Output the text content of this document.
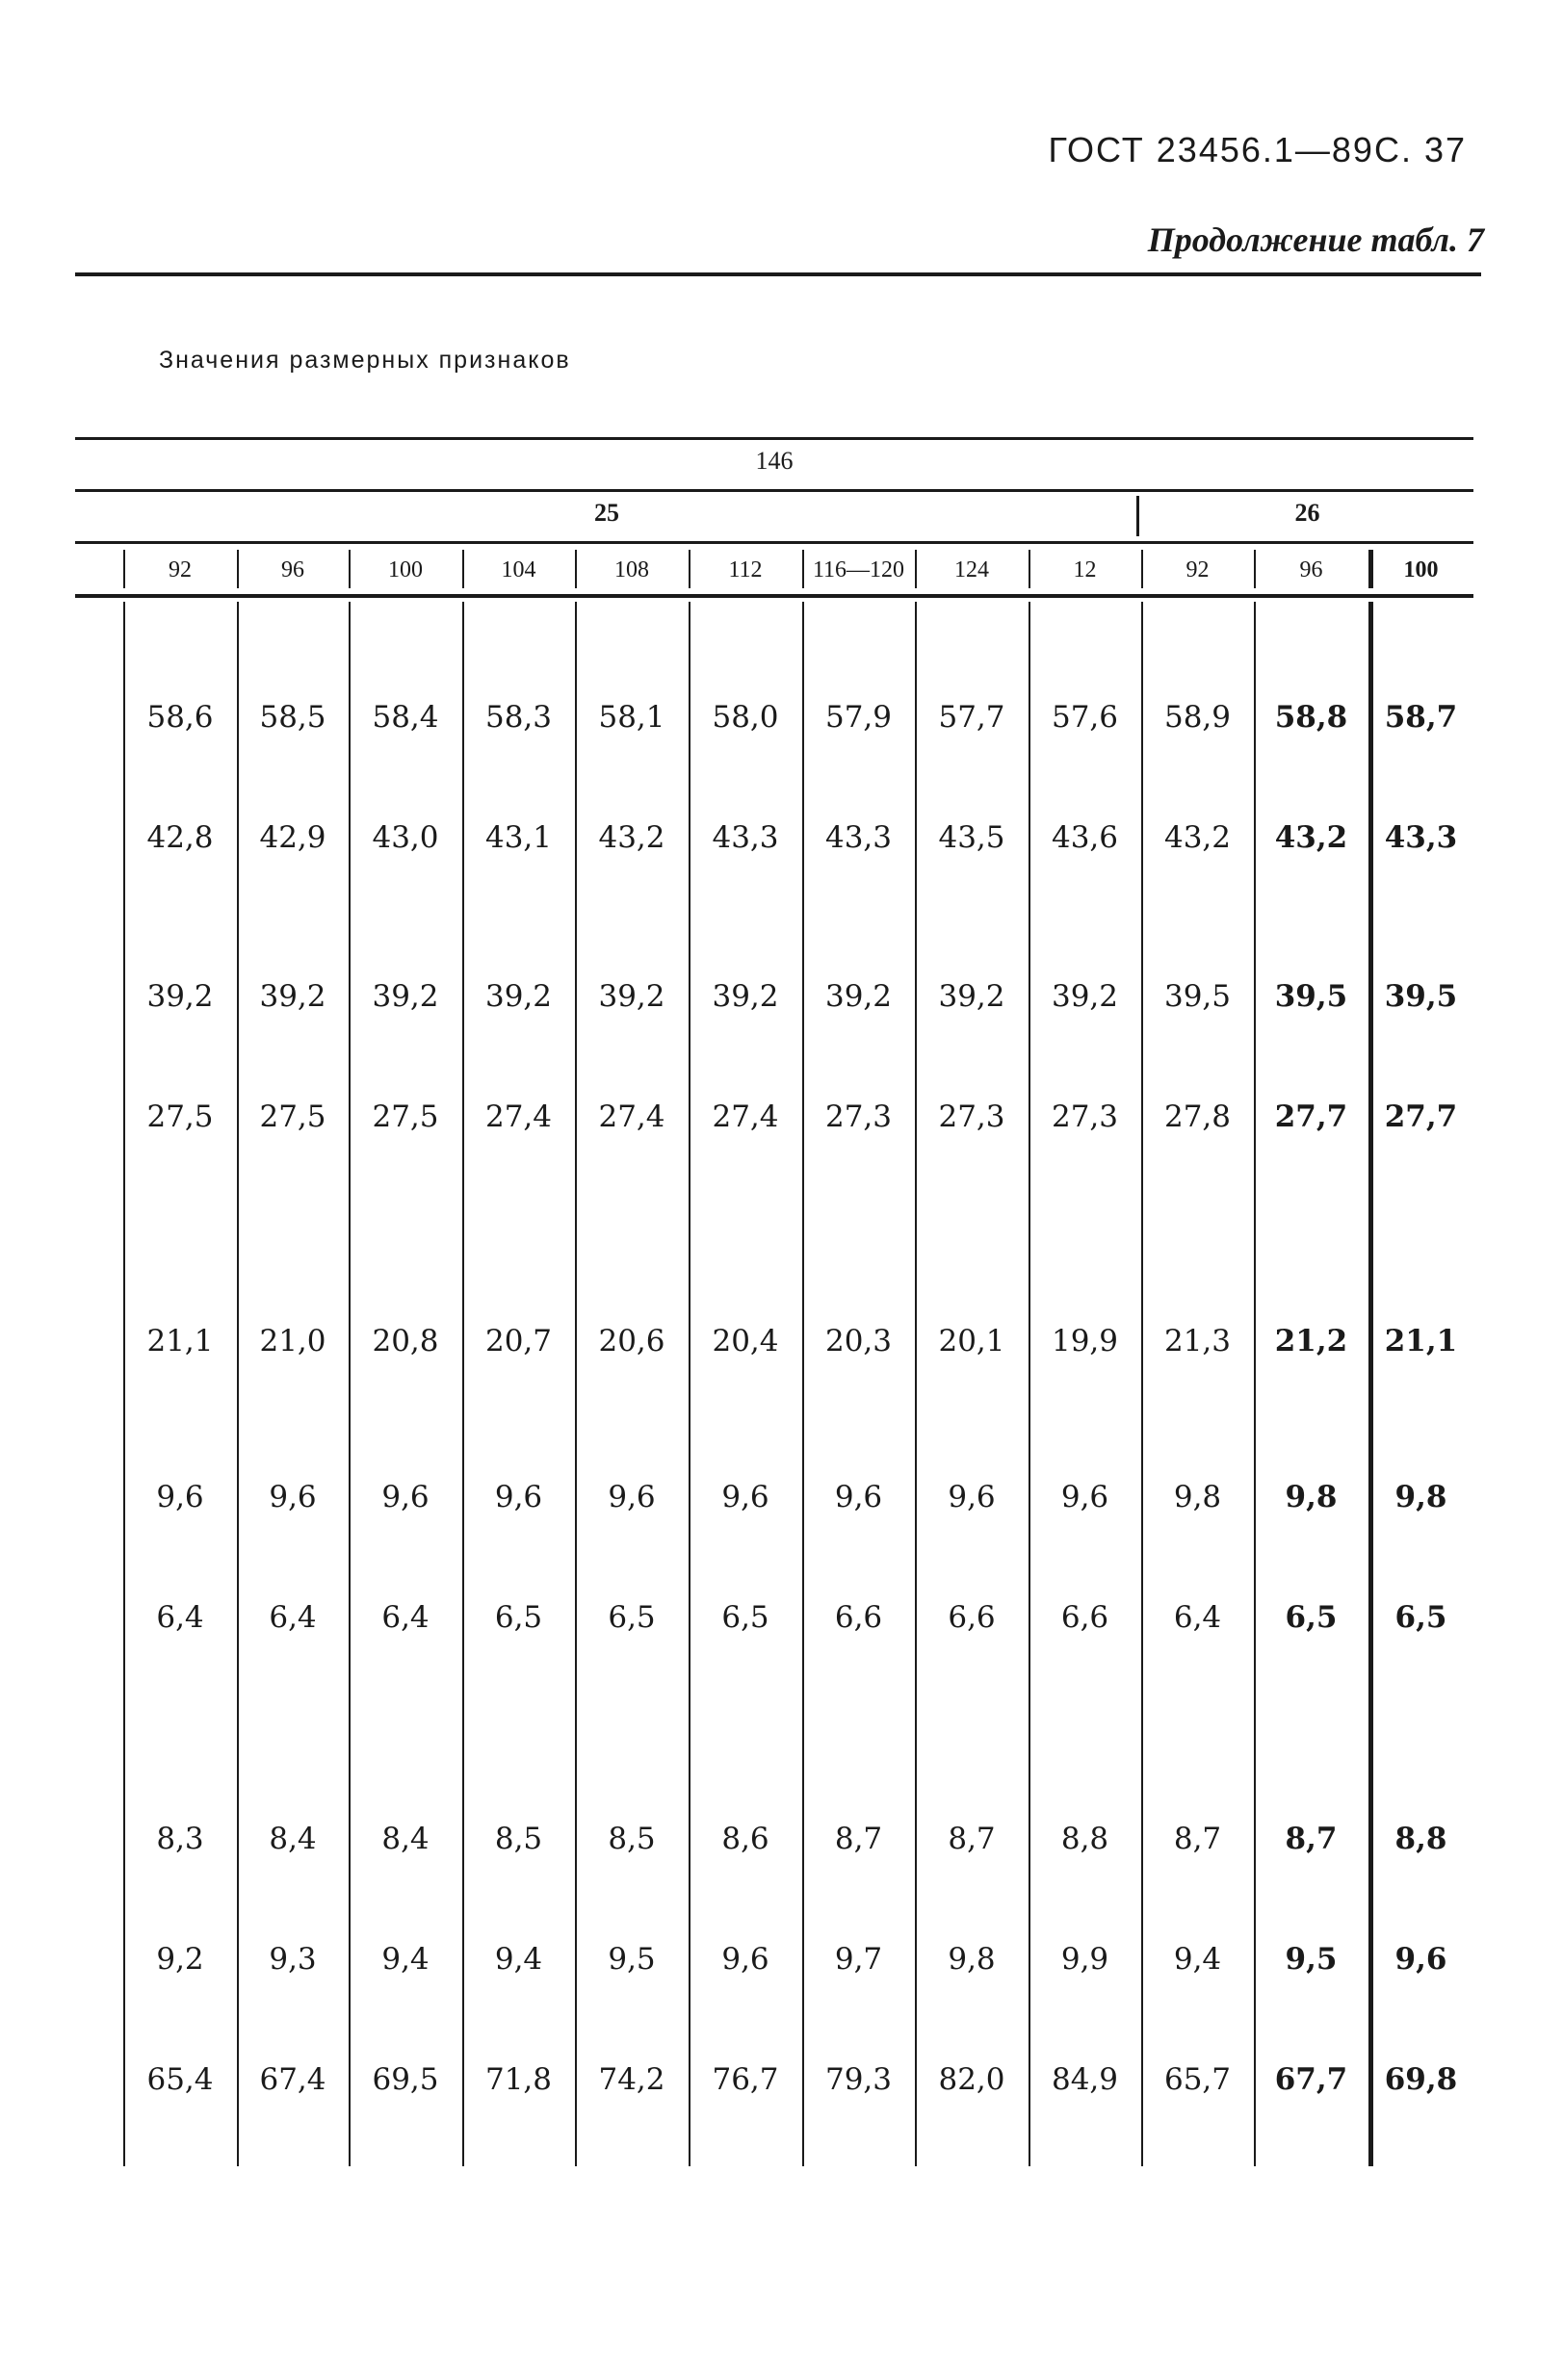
ГОСТ 23456.1—89С. 37
Продолжение табл. 7
Значения размерных признаков
146
25	26
92	96	100	104	108	112	116—120	124	12	92	96	100
58,6	58,5	58,4	58,3	58,1	58,0	57,9	57,7	57,6	58,9	58,8	58,7
42,8	42,9	43,0	43,1	43,2	43,3	43,3	43,5	43,6	43,2	43,2	43,3
39,2	39,2	39,2	39,2	39,2	39,2	39,2	39,2	39,2	39,5	39,5	39,5
27,5	27,5	27,5	27,4	27,4	27,4	27,3	27,3	27,3	27,8	27,7	27,7
21,1	21,0	20,8	20,7	20,6	20,4	20,3	20,1	19,9	21,3	21,2	21,1
9,6	9,6	9,6	9,6	9,6	9,6	9,6	9,6	9,6	9,8	9,8	9,8
6,4	6,4	6,4	6,5	6,5	6,5	6,6	6,6	6,6	6,4	6,5	6,5
8,3	8,4	8,4	8,5	8,5	8,6	8,7	8,7	8,8	8,7	8,7	8,8
9,2	9,3	9,4	9,4	9,5	9,6	9,7	9,8	9,9	9,4	9,5	9,6
65,4	67,4	69,5	71,8	74,2	76,7	79,3	82,0	84,9	65,7	67,7	69,8
